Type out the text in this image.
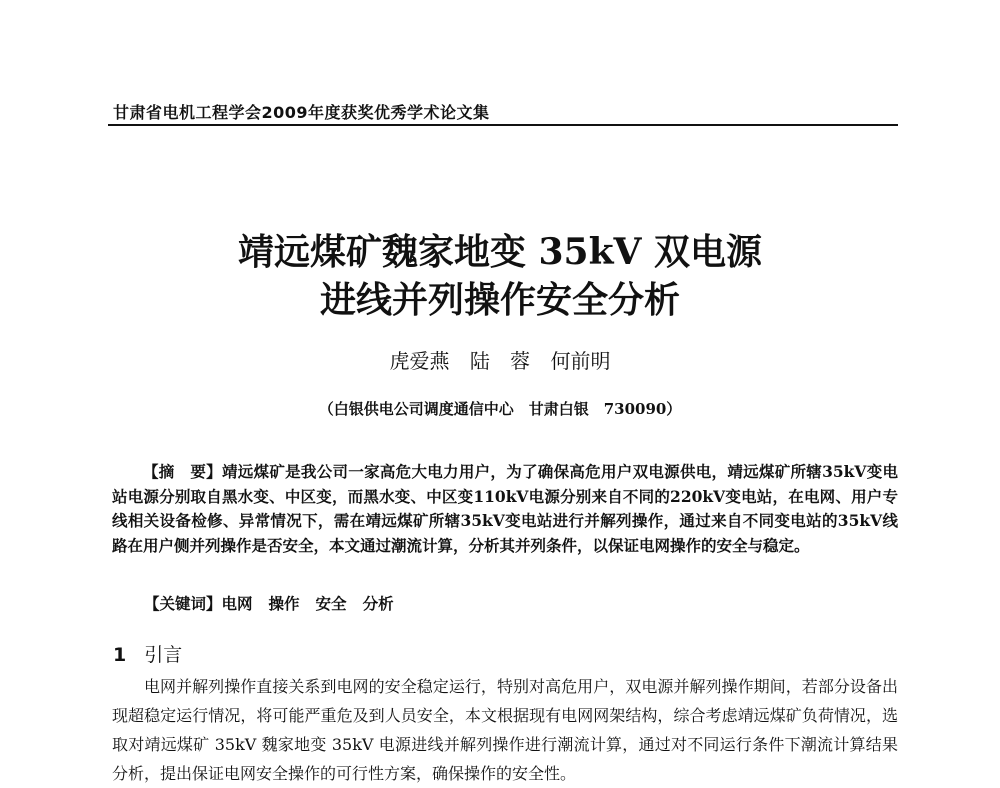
甘肃省电机工程学会2009年度获奖优秀学术论文集
靖远煤矿魏家地变 35kV 双电源
进线并列操作安全分析
虎爱燕 陆 蓉 何前明
（白银供电公司调度通信中心　甘肃白银　730090）

【摘　要】靖远煤矿是我公司一家高危大电力用户，为了确保高危用户双电源供电，靖远煤矿所辖35kV变电站电源分别取自黑水变、中区变，而黑水变、中区变110kV电源分别来自不同的220kV变电站，在电网、用户专线相关设备检修、异常情况下，需在靖远煤矿所辖35kV变电站进行并解列操作，通过来自不同变电站的35kV线路在用户侧并列操作是否安全，本文通过潮流计算，分析其并列条件，以保证电网操作的安全与稳定。

【关键词】电网 操作 安全 分析
1 引言

电网并解列操作直接关系到电网的安全稳定运行，特别对高危用户，双电源并解列操作期间，若部分设备出现超稳定运行情况，将可能严重危及到人员安全，本文根据现有电网网架结构，综合考虑靖远煤矿负荷情况，选取对靖远煤矿 35kV 魏家地变 35kV 电源进线并解列操作进行潮流计算，通过对不同运行条件下潮流计算结果分析，提出保证电网安全操作的可行性方案，确保操作的安全性。
